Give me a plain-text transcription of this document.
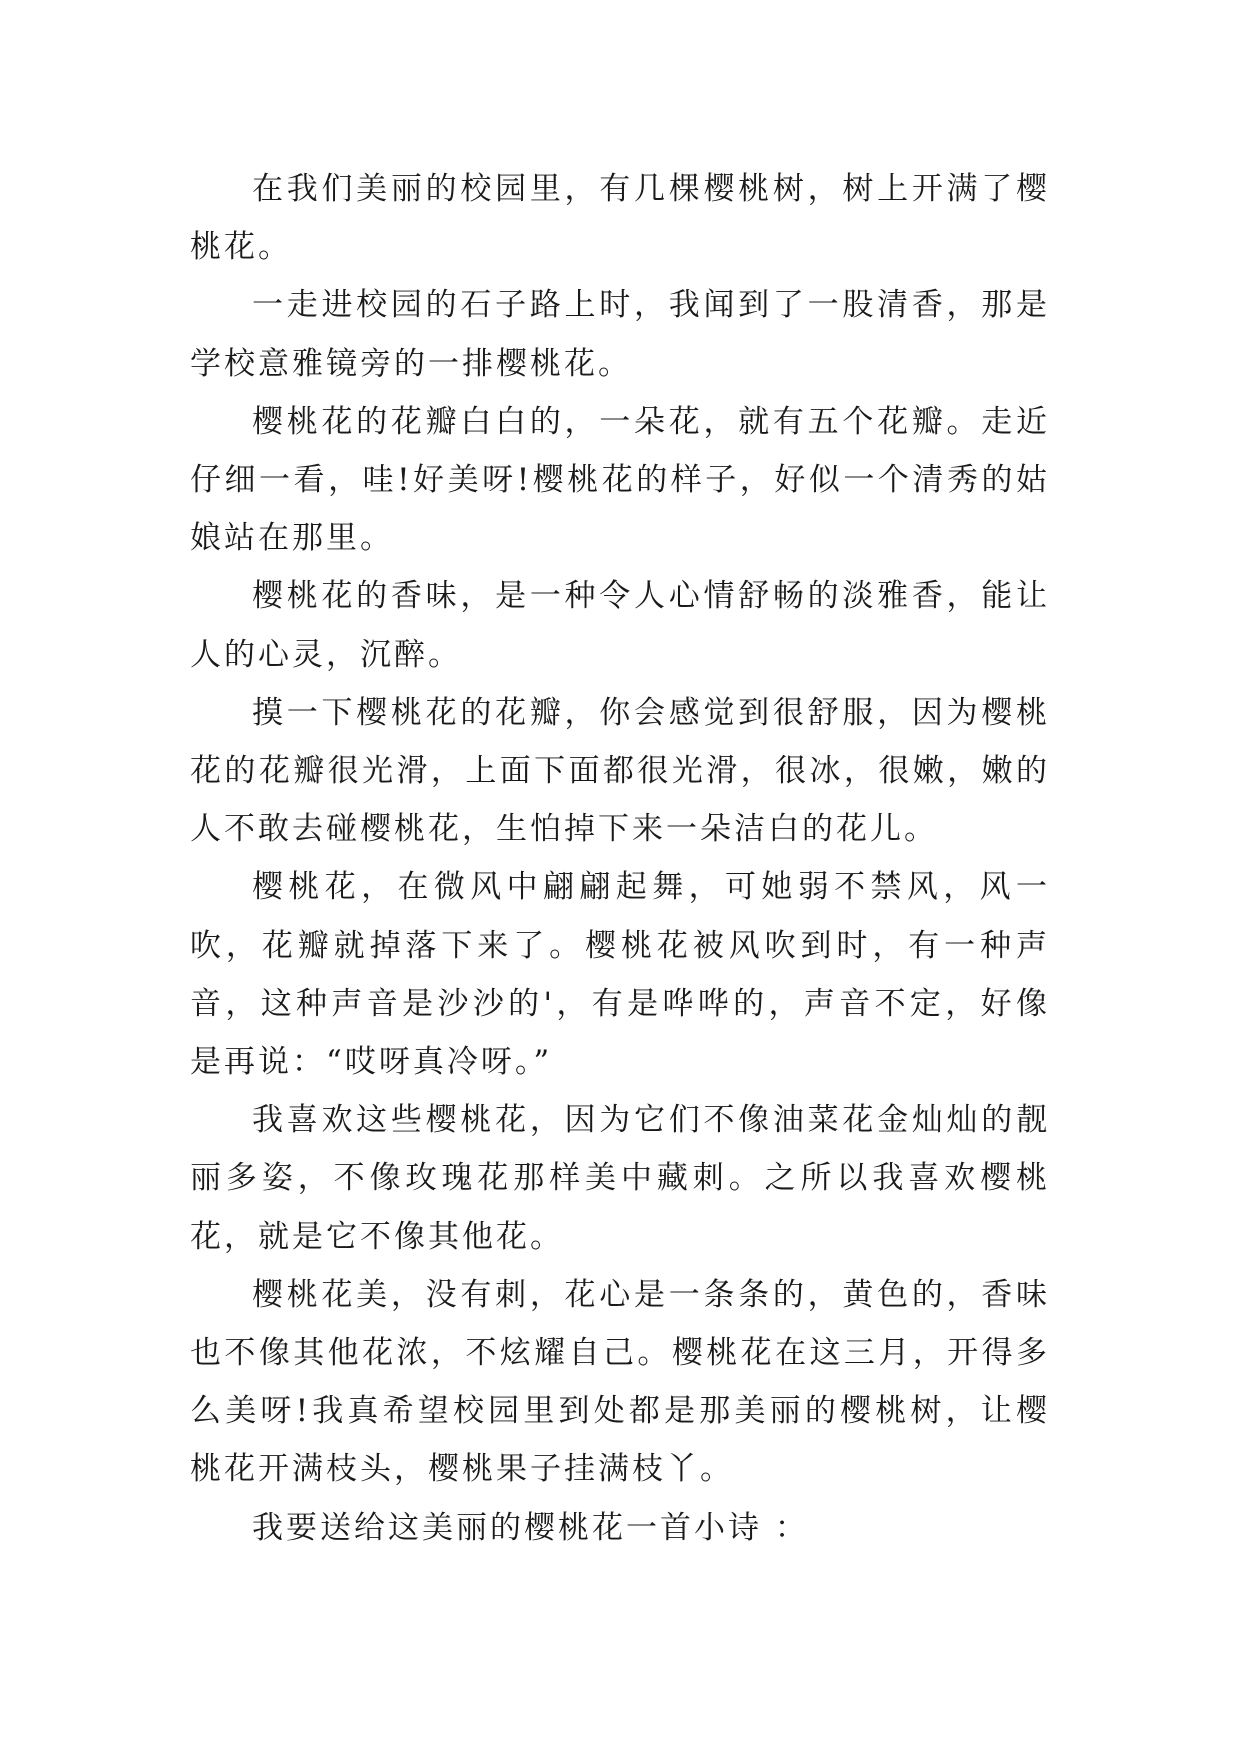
在我们美丽的校园里，有几棵樱桃树，树上开满了樱桃花。

一走进校园的石子路上时，我闻到了一股清香，那是学校意雅镜旁的一排樱桃花。

樱桃花的花瓣白白的，一朵花，就有五个花瓣。走近仔细一看，哇!好美呀!樱桃花的样子，好似一个清秀的姑娘站在那里。

樱桃花的香味，是一种令人心情舒畅的淡雅香，能让人的心灵，沉醉。

摸一下樱桃花的花瓣，你会感觉到很舒服，因为樱桃花的花瓣很光滑，上面下面都很光滑，很冰，很嫩，嫩的人不敢去碰樱桃花，生怕掉下来一朵洁白的花儿。

樱桃花，在微风中翩翩起舞，可她弱不禁风，风一吹，花瓣就掉落下来了。樱桃花被风吹到时，有一种声音，这种声音是沙沙的'，有是哗哗的，声音不定，好像是再说：“哎呀真冷呀。”

我喜欢这些樱桃花，因为它们不像油菜花金灿灿的靓丽多姿，不像玫瑰花那样美中藏刺。之所以我喜欢樱桃花，就是它不像其他花。

樱桃花美，没有刺，花心是一条条的，黄色的，香味也不像其他花浓，不炫耀自己。樱桃花在这三月，开得多么美呀!我真希望校园里到处都是那美丽的樱桃树，让樱桃花开满枝头，樱桃果子挂满枝丫。

我要送给这美丽的樱桃花一首小诗 ：
